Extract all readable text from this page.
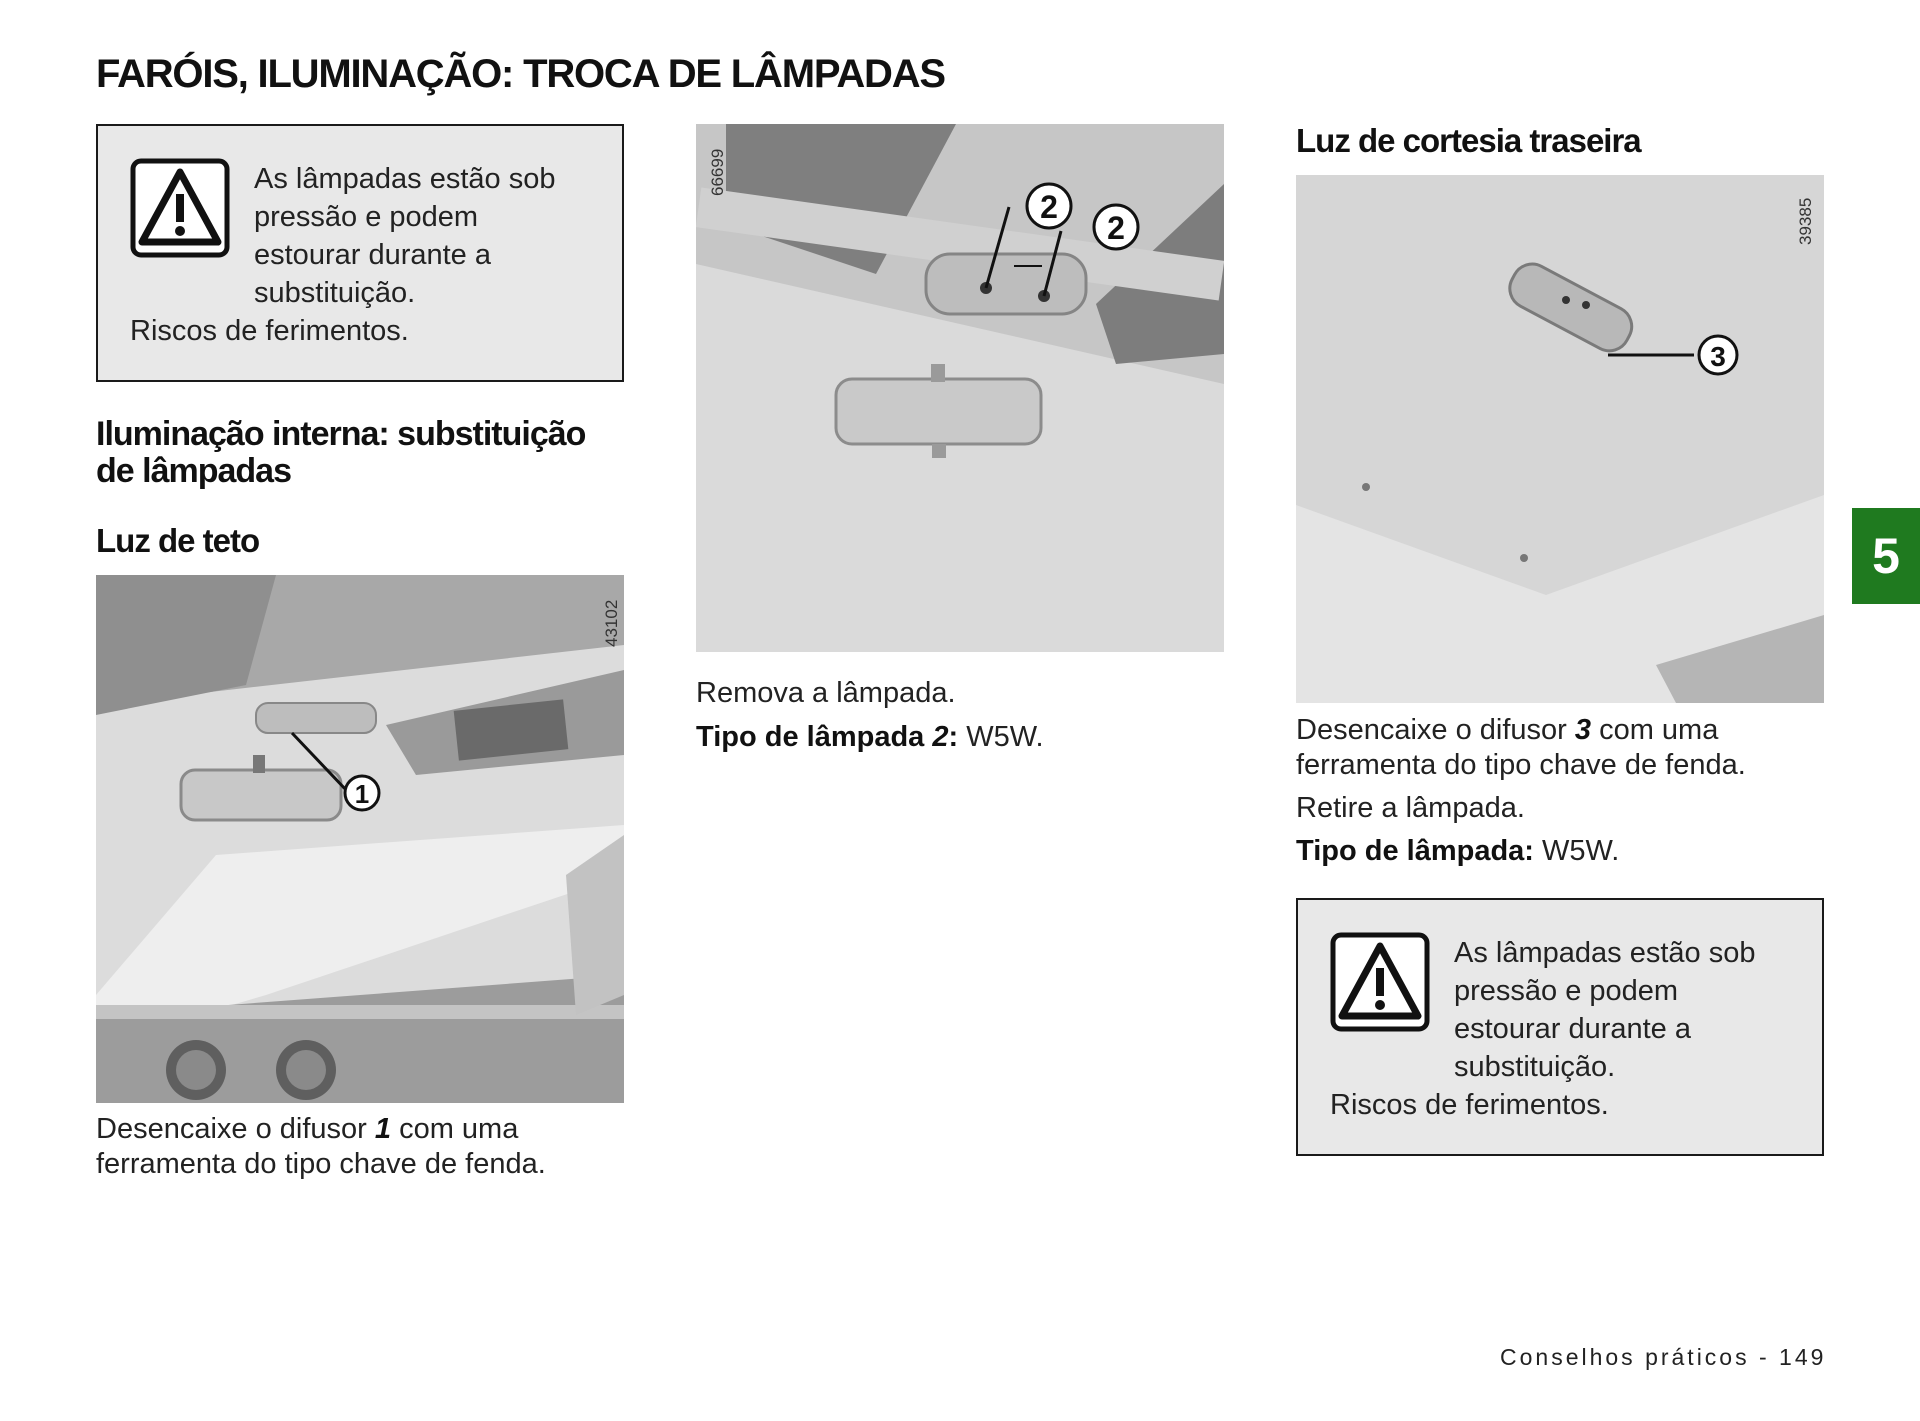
FARÓIS, ILUMINAÇÃO: TROCA DE LÂMPADAS
As lâmpadas estão sob
pressão e podem
estourar durante a
substituição.
Riscos de ferimentos.
Iluminação interna: substituição
de lâmpadas
Luz de teto
1
43102
Desencaixe o difusor 1 com uma
ferramenta do tipo chave de fenda.
2
2
66699
Remova a lâmpada.
Tipo de lâmpada 2: W5W.
Luz de cortesia traseira
3
39385
Desencaixe o difusor 3 com uma
ferramenta do tipo chave de fenda.
Retire a lâmpada.
Tipo de lâmpada: W5W.
As lâmpadas estão sob
pressão e podem
estourar durante a
substituição.
Riscos de ferimentos.
5
Conselhos práticos - 149
